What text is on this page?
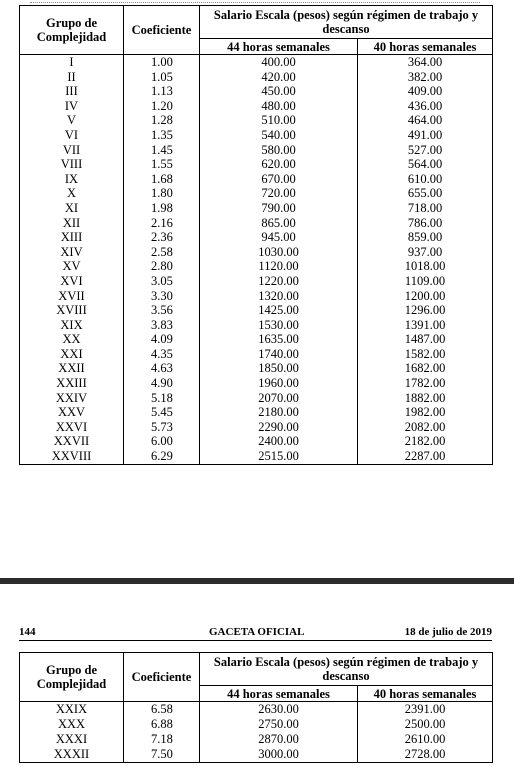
Grupo de Complejidad	Coeficiente	Salario Escala (pesos) según régimen de trabajo y descanso	
		44 horas semanales	40 horas semanales
I	1.00	400.00	364.00
II	1.05	420.00	382.00
III	1.13	450.00	409.00
IV	1.20	480.00	436.00
V	1.28	510.00	464.00
VI	1.35	540.00	491.00
VII	1.45	580.00	527.00
VIII	1.55	620.00	564.00
IX	1.68	670.00	610.00
X	1.80	720.00	655.00
XI	1.98	790.00	718.00
XII	2.16	865.00	786.00
XIII	2.36	945.00	859.00
XIV	2.58	1030.00	937.00
XV	2.80	1120.00	1018.00
XVI	3.05	1220.00	1109.00
XVII	3.30	1320.00	1200.00
XVIII	3.56	1425.00	1296.00
XIX	3.83	1530.00	1391.00
XX	4.09	1635.00	1487.00
XXI	4.35	1740.00	1582.00
XXII	4.63	1850.00	1682.00
XXIII	4.90	1960.00	1782.00
XXIV	5.18	2070.00	1882.00
XXV	5.45	2180.00	1982.00
XXVI	5.73	2290.00	2082.00
XXVII	6.00	2400.00	2182.00
XXVIII	6.29	2515.00	2287.00
144	GACETA OFICIAL	18 de julio de 2019
Grupo de Complejidad	Coeficiente	Salario Escala (pesos) según régimen de trabajo y descanso	
		44 horas semanales	40 horas semanales
XXIX	6.58	2630.00	2391.00
XXX	6.88	2750.00	2500.00
XXXI	7.18	2870.00	2610.00
XXXII	7.50	3000.00	2728.00
